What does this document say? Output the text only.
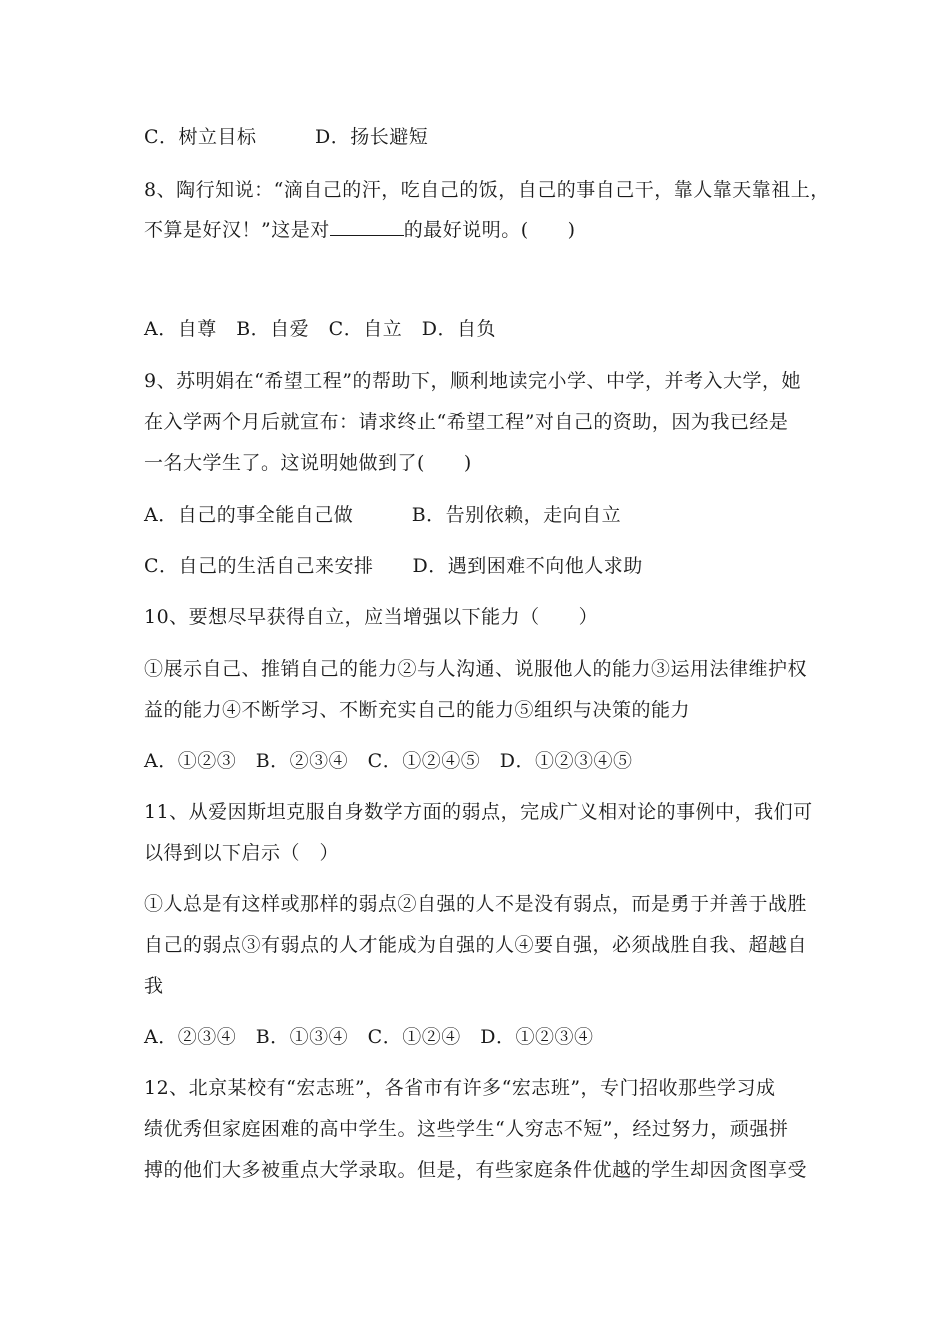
C．树立目标　　　D．扬长避短
8、陶行知说：“滴自己的汗，吃自己的饭，自己的事自己干，靠人靠天靠祖上，
不算是好汉！”这是对	的最好说明。(　　)
A．自尊　B．自爱　C．自立　D．自负
9、苏明娟在“希望工程”的帮助下，顺利地读完小学、中学，并考入大学，她
在入学两个月后就宣布：请求终止“希望工程”对自己的资助，因为我已经是
一名大学生了。这说明她做到了(　　)
A．自己的事全能自己做　　　B．告别依赖，走向自立
C．自己的生活自己来安排　　D．遇到困难不向他人求助
10、要想尽早获得自立，应当增强以下能力（　　）
①展示自己、推销自己的能力②与人沟通、说服他人的能力③运用法律维护权
益的能力④不断学习、不断充实自己的能力⑤组织与决策的能力
A．①②③　B．②③④　C．①②④⑤　D．①②③④⑤
11、从爱因斯坦克服自身数学方面的弱点，完成广义相对论的事例中，我们可
以得到以下启示（　）
①人总是有这样或那样的弱点②自强的人不是没有弱点，而是勇于并善于战胜
自己的弱点③有弱点的人才能成为自强的人④要自强，必须战胜自我、超越自
我
A．②③④　B．①③④　C．①②④　D．①②③④
12、北京某校有“宏志班”，各省市有许多“宏志班”，专门招收那些学习成
绩优秀但家庭困难的高中学生。这些学生“人穷志不短”，经过努力，顽强拼
搏的他们大多被重点大学录取。但是，有些家庭条件优越的学生却因贪图享受
